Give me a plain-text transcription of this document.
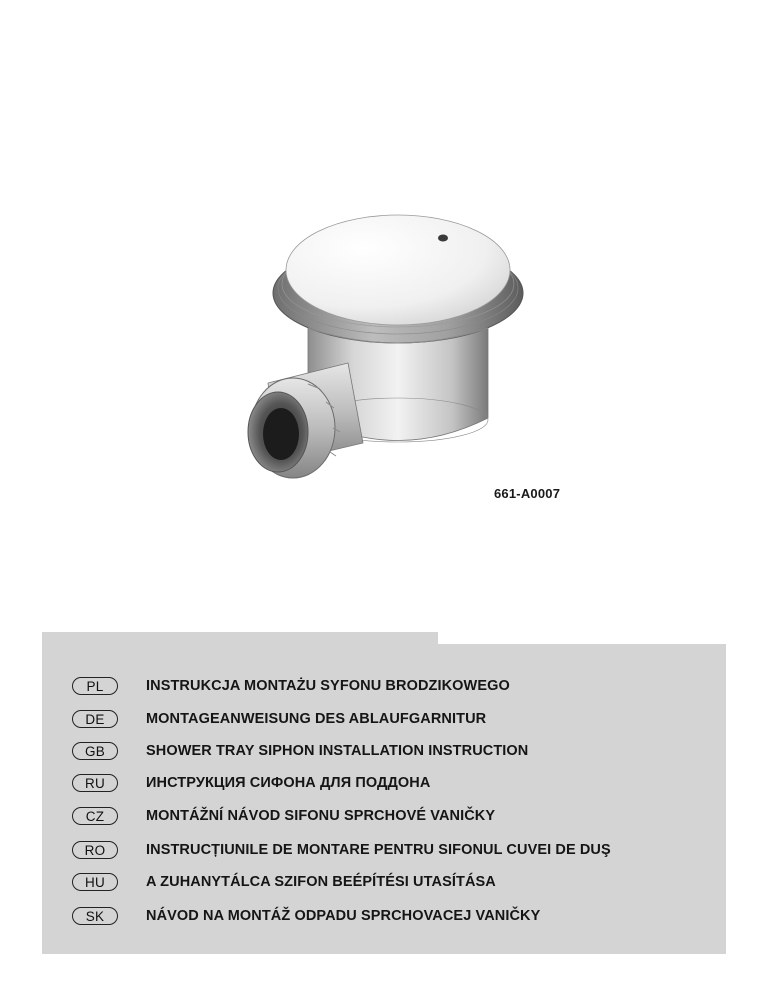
661-A0007
PL	INSTRUKCJA MONTAŻU SYFONU BRODZIKOWEGO
DE	MONTAGEANWEISUNG DES ABLAUFGARNITUR
GB	SHOWER TRAY SIPHON INSTALLATION INSTRUCTION
RU	ИНСТРУКЦИЯ СИФОНА ДЛЯ ПОДДОНА
CZ	MONTÁŽNÍ NÁVOD SIFONU SPRCHOVÉ VANIČKY
RO	INSTRUCȚIUNILE DE MONTARE PENTRU SIFONUL CUVEI DE DUŞ
HU	A ZUHANYTÁLCA SZIFON BEÉPÍTÉSI UTASÍTÁSA
SK	NÁVOD NA MONTÁŽ ODPADU SPRCHOVACEJ VANIČKY
